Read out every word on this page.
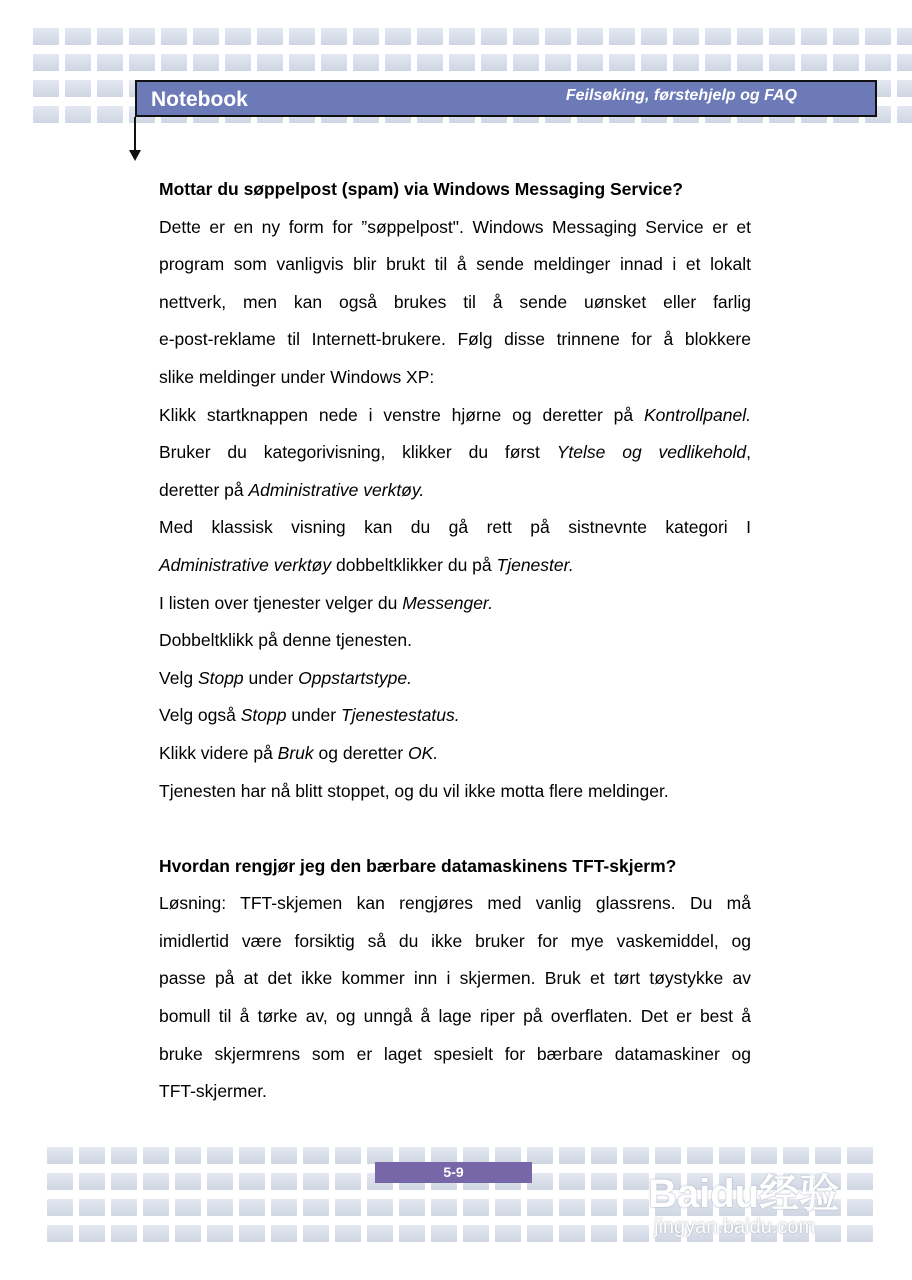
Notebook	Feilsøking, førstehjelp og FAQ
Mottar du søppelpost (spam) via Windows Messaging Service?
Dette er en ny form for ”søppelpost". Windows Messaging Service er et
program som vanligvis blir brukt til å sende meldinger innad i et lokalt
nettverk, men kan også brukes til å sende uønsket eller farlig
e-post-reklame til Internett-brukere. Følg disse trinnene for å blokkere
slike meldinger under Windows XP:
Klikk startknappen nede i venstre hjørne og deretter på Kontrollpanel.
Bruker du kategorivisning, klikker du først Ytelse og vedlikehold,
deretter på Administrative verktøy.
Med klassisk visning kan du gå rett på sistnevnte kategori I
Administrative verktøy dobbeltklikker du på Tjenester.
I listen over tjenester velger du Messenger.
Dobbeltklikk på denne tjenesten.
Velg Stopp under Oppstartstype.
Velg også Stopp under Tjenestestatus.
Klikk videre på Bruk og deretter OK.
Tjenesten har nå blitt stoppet, og du vil ikke motta flere meldinger.
Hvordan rengjør jeg den bærbare datamaskinens TFT-skjerm?
Løsning: TFT-skjemen kan rengjøres med vanlig glassrens. Du må
imidlertid være forsiktig så du ikke bruker for mye vaskemiddel, og
passe på at det ikke kommer inn i skjermen. Bruk et tørt tøystykke av
bomull til å tørke av, og unngå å lage riper på overflaten. Det er best å
bruke skjermrens som er laget spesielt for bærbare datamaskiner og
TFT-skjermer.
5-9	Baidu经验
jingyan.baidu.com
